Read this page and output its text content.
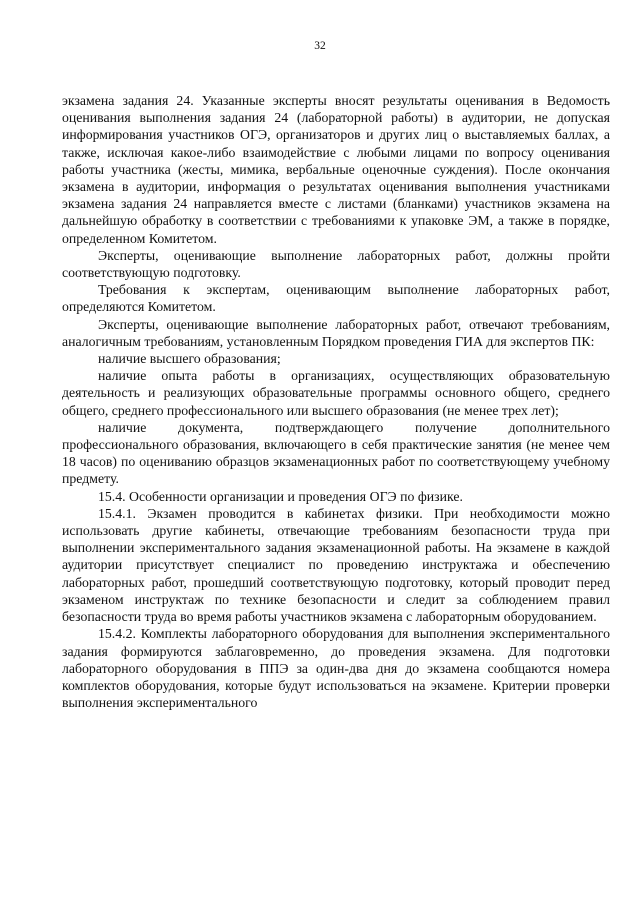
32

экзамена задания 24. Указанные эксперты вносят результаты оценивания в Ведомость оценивания выполнения задания 24 (лабораторной работы) в аудитории, не допуская информирования участников ОГЭ, организаторов и других лиц о выставляемых баллах, а также, исключая какое-либо взаимодействие с любыми лицами по вопросу оценивания работы участника (жесты, мимика, вербальные оценочные суждения). После окончания экзамена в аудитории, информация о результатах оценивания выполнения участниками экзамена задания 24 направляется вместе с листами (бланками) участников экзамена на дальнейшую обработку в соответствии с требованиями к упаковке ЭМ, а также в порядке, определенном Комитетом.

Эксперты, оценивающие выполнение лабораторных работ, должны пройти соответствующую подготовку.

Требования к экспертам, оценивающим выполнение лабораторных работ, определяются Комитетом.

Эксперты, оценивающие выполнение лабораторных работ, отвечают требованиям, аналогичным требованиям, установленным Порядком проведения ГИА для экспертов ПК:

наличие высшего образования;

наличие опыта работы в организациях, осуществляющих образовательную деятельность и реализующих образовательные программы основного общего, среднего общего, среднего профессионального или высшего образования (не менее трех лет);

наличие документа, подтверждающего получение дополнительного профессионального образования, включающего в себя практические занятия (не менее чем 18 часов) по оцениванию образцов экзаменационных работ по соответствующему учебному предмету.

15.4. Особенности организации и проведения ОГЭ по физике.

15.4.1. Экзамен проводится в кабинетах физики. При необходимости можно использовать другие кабинеты, отвечающие требованиям безопасности труда при выполнении экспериментального задания экзаменационной работы. На экзамене в каждой аудитории присутствует специалист по проведению инструктажа и обеспечению лабораторных работ, прошедший соответствующую подготовку, который проводит перед экзаменом инструктаж по технике безопасности и следит за соблюдением правил безопасности труда во время работы участников экзамена с лабораторным оборудованием.

15.4.2. Комплекты лабораторного оборудования для выполнения экспериментального задания формируются заблаговременно, до проведения экзамена. Для подготовки лабораторного оборудования в ППЭ за один-два дня до экзамена сообщаются номера комплектов оборудования, которые будут использоваться на экзамене. Критерии проверки выполнения экспериментального
